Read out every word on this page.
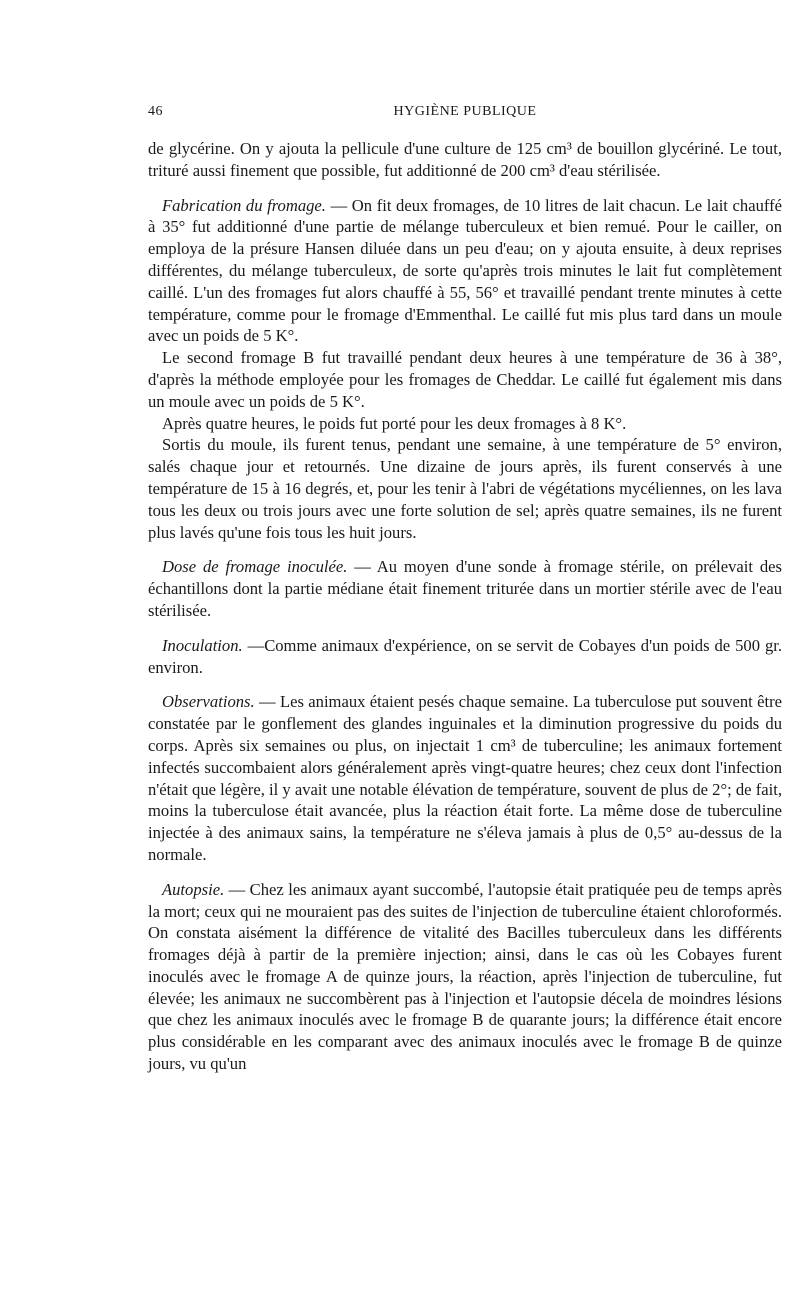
46	HYGIÈNE PUBLIQUE

de glycérine. On y ajouta la pellicule d'une culture de 125 cm³ de bouillon glycériné. Le tout, trituré aussi finement que possible, fut additionné de 200 cm³ d'eau stérilisée.

Fabrication du fromage. — On fit deux fromages, de 10 litres de lait chacun. Le lait chauffé à 35° fut additionné d'une partie de mélange tuberculeux et bien remué. Pour le cailler, on employa de la présure Hansen diluée dans un peu d'eau; on y ajouta ensuite, à deux reprises différentes, du mélange tuberculeux, de sorte qu'après trois minutes le lait fut complètement caillé. L'un des fromages fut alors chauffé à 55, 56° et travaillé pendant trente minutes à cette température, comme pour le fromage d'Emmenthal. Le caillé fut mis plus tard dans un moule avec un poids de 5 K°.

Le second fromage B fut travaillé pendant deux heures à une température de 36 à 38°, d'après la méthode employée pour les fromages de Cheddar. Le caillé fut également mis dans un moule avec un poids de 5 K°.

Après quatre heures, le poids fut porté pour les deux fromages à 8 K°.

Sortis du moule, ils furent tenus, pendant une semaine, à une température de 5° environ, salés chaque jour et retournés. Une dizaine de jours après, ils furent conservés à une température de 15 à 16 degrés, et, pour les tenir à l'abri de végétations mycéliennes, on les lava tous les deux ou trois jours avec une forte solution de sel; après quatre semaines, ils ne furent plus lavés qu'une fois tous les huit jours.

Dose de fromage inoculée. — Au moyen d'une sonde à fromage stérile, on prélevait des échantillons dont la partie médiane était finement triturée dans un mortier stérile avec de l'eau stérilisée.

Inoculation. —Comme animaux d'expérience, on se servit de Cobayes d'un poids de 500 gr. environ.

Observations. — Les animaux étaient pesés chaque semaine. La tuberculose put souvent être constatée par le gonflement des glandes inguinales et la diminution progressive du poids du corps. Après six semaines ou plus, on injectait 1 cm³ de tuberculine; les animaux fortement infectés succombaient alors généralement après vingt-quatre heures; chez ceux dont l'infection n'était que légère, il y avait une notable élévation de température, souvent de plus de 2°; de fait, moins la tuberculose était avancée, plus la réaction était forte. La même dose de tuberculine injectée à des animaux sains, la température ne s'éleva jamais à plus de 0,5° au-dessus de la normale.

Autopsie. — Chez les animaux ayant succombé, l'autopsie était pratiquée peu de temps après la mort; ceux qui ne mouraient pas des suites de l'injection de tuberculine étaient chloroformés. On constata aisément la différence de vitalité des Bacilles tuberculeux dans les différents fromages déjà à partir de la première injection; ainsi, dans le cas où les Cobayes furent inoculés avec le fromage A de quinze jours, la réaction, après l'injection de tuberculine, fut élevée; les animaux ne succombèrent pas à l'injection et l'autopsie décela de moindres lésions que chez les animaux inoculés avec le fromage B de quarante jours; la différence était encore plus considérable en les comparant avec des animaux inoculés avec le fromage B de quinze jours, vu qu'un
